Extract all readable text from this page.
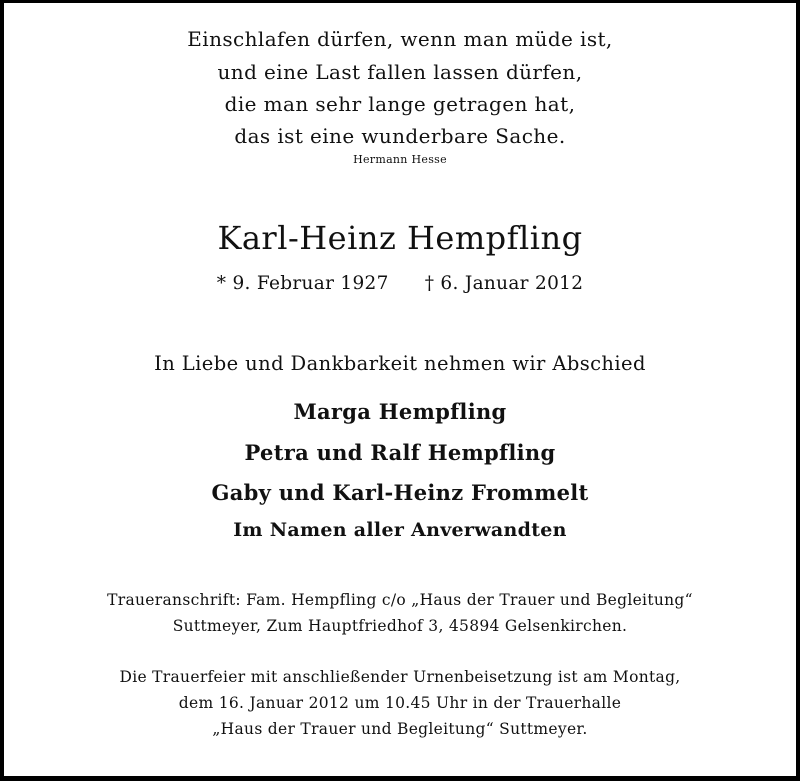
Einschlafen dürfen, wenn man müde ist,
und eine Last fallen lassen dürfen,
die man sehr lange getragen hat,
das ist eine wunderbare Sache.
Hermann Hesse
Karl-Heinz Hempfling
* 9. Februar 1927 † 6. Januar 2012
In Liebe und Dankbarkeit nehmen wir Abschied
Marga Hempfling
Petra und Ralf Hempfling
Gaby und Karl-Heinz Frommelt
Im Namen aller Anverwandten
Traueranschrift: Fam. Hempfling c/o „Haus der Trauer und Begleitung“
Suttmeyer, Zum Hauptfriedhof 3, 45894 Gelsenkirchen.
Die Trauerfeier mit anschließender Urnenbeisetzung ist am Montag,
dem 16. Januar 2012 um 10.45 Uhr in der Trauerhalle
„Haus der Trauer und Begleitung“ Suttmeyer.
